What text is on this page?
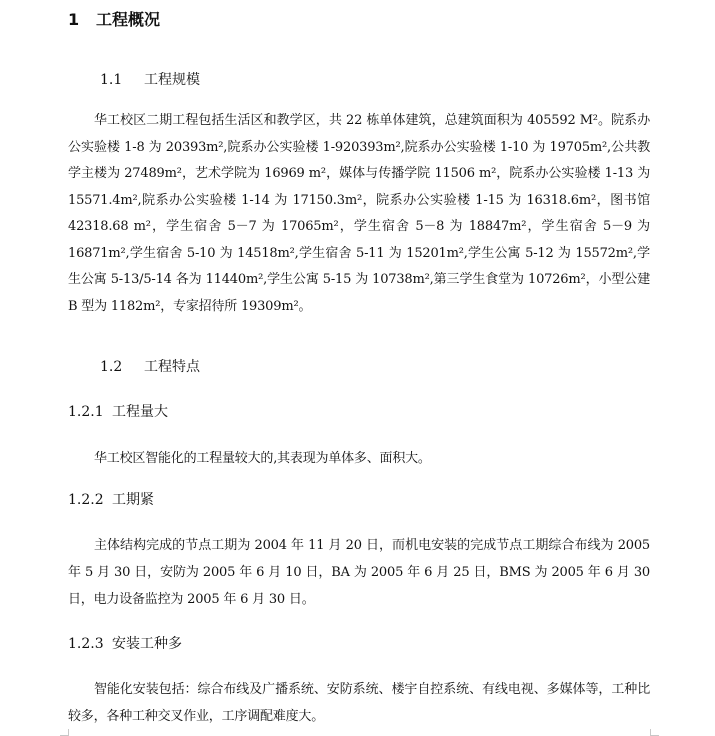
1 工程概况
1.1 工程规模

华工校区二期工程包括生活区和教学区，共 22 栋单体建筑，总建筑面积为 405592 M²。院系办公实验楼 1-8 为 20393m²,院系办公实验楼 1-920393m²,院系办公实验楼 1-10 为 19705m²,公共教学主楼为 27489m²，艺术学院为 16969 m²，媒体与传播学院 11506 m²，院系办公实验楼 1-13 为 15571.4m²,院系办公实验楼 1-14 为 17150.3m²，院系办公实验楼 1-15 为 16318.6m²，图书馆 42318.68 m²，学生宿舍 5－7 为 17065m²，学生宿舍 5－8 为 18847m²，学生宿舍 5－9 为 16871m²,学生宿舍 5-10 为 14518m²,学生宿舍 5-11 为 15201m²,学生公寓 5-12 为 15572m²,学生公寓 5-13/5-14 各为 11440m²,学生公寓 5-15 为 10738m²,第三学生食堂为 10726m²，小型公建 B 型为 1182m²，专家招待所 19309m²。

1.2 工程特点
1.2.1 工程量大

华工校区智能化的工程量较大的,其表现为单体多、面积大。

1.2.2 工期紧

主体结构完成的节点工期为 2004 年 11 月 20 日，而机电安装的完成节点工期综合布线为 2005 年 5 月 30 日，安防为 2005 年 6 月 10 日，BA 为 2005 年 6 月 25 日，BMS 为 2005 年 6 月 30 日，电力设备监控为 2005 年 6 月 30 日。

1.2.3 安装工种多

智能化安装包括：综合布线及广播系统、安防系统、楼宇自控系统、有线电视、多媒体等，工种比较多，各种工种交叉作业，工序调配难度大。
